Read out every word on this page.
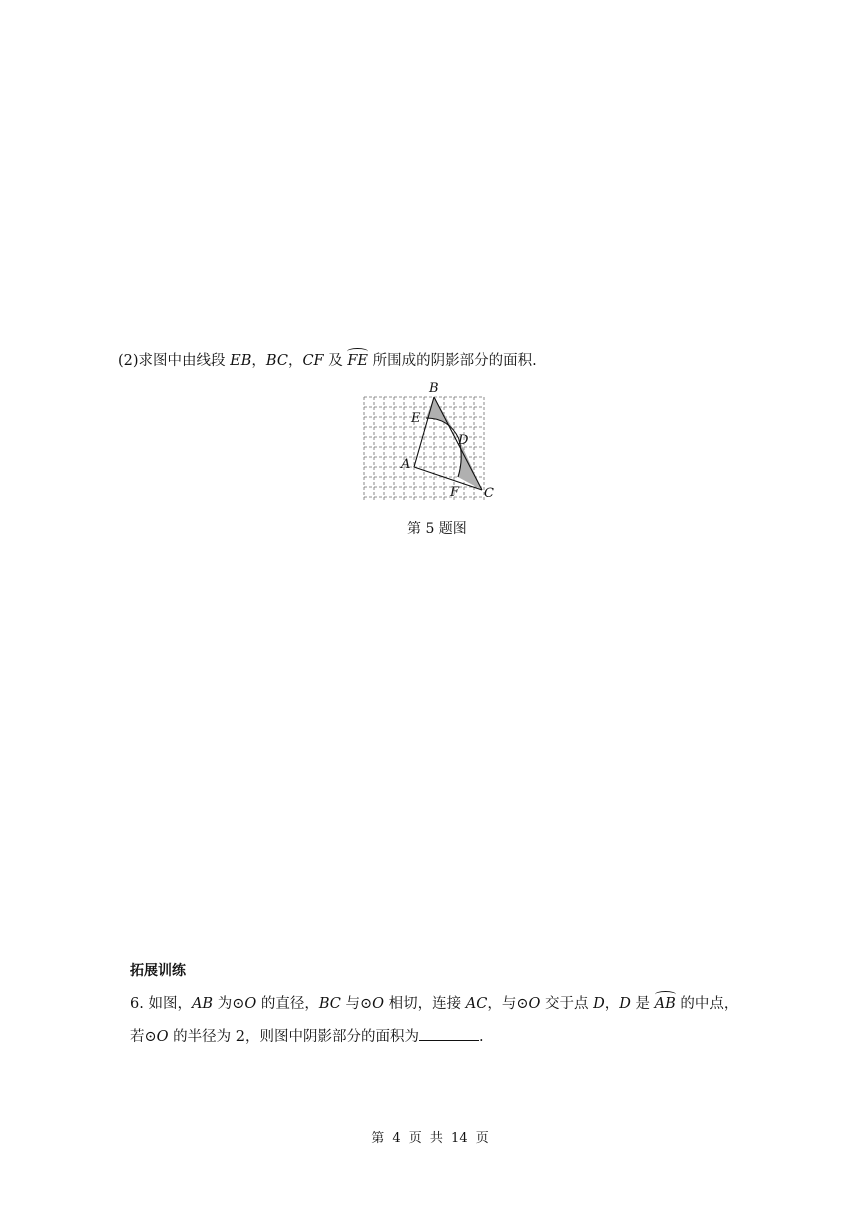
(2)求图中由线段 EB，BC，CF 及 FE 所围成的阴影部分的面积.
B
E
D
A
F C
第 5 题图
拓展训练
6. 如图，AB 为⊙O 的直径，BC 与⊙O 相切，连接 AC，与⊙O 交于点 D，D 是 AB 的中点，
若⊙O 的半径为 2，则图中阴影部分的面积为	.
第 4 页 共 14 页
